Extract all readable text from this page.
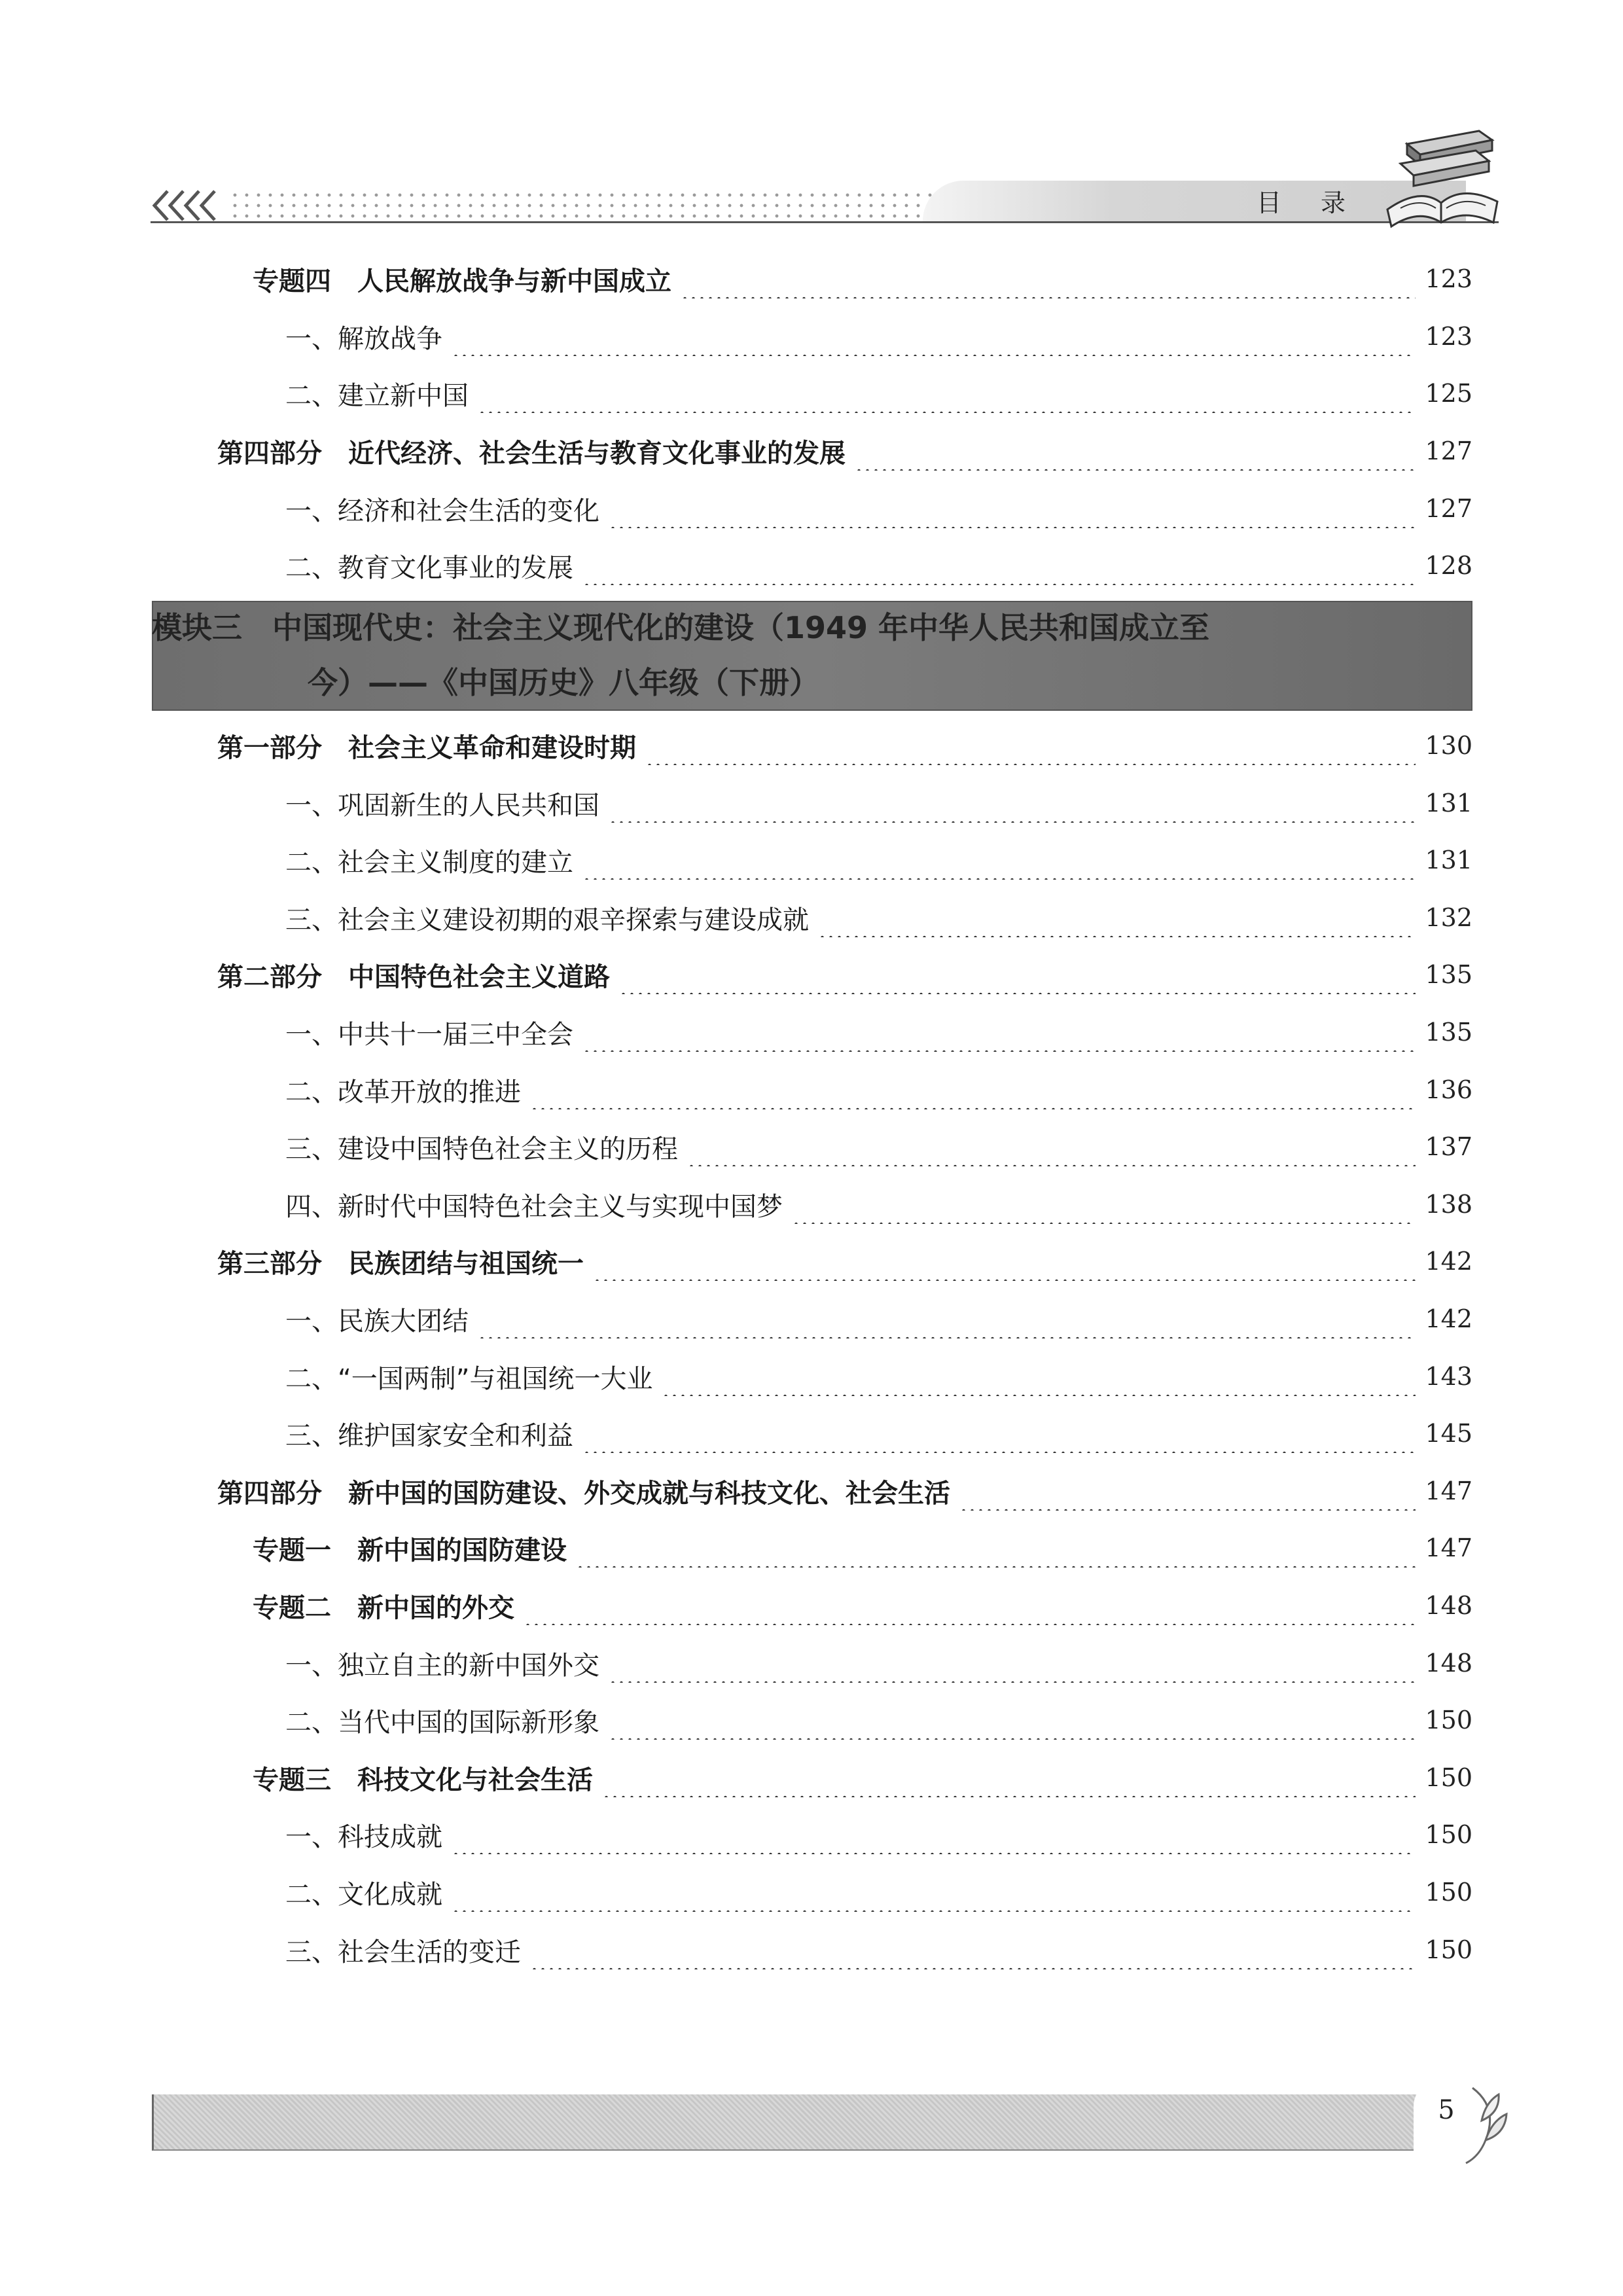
目录
专题四　人民解放战争与新中国成立	123
一、解放战争	123
二、建立新中国	125
第四部分　近代经济、社会生活与教育文化事业的发展	127
一、经济和社会生活的变化	127
二、教育文化事业的发展	128
模块三　中国现代史：社会主义现代化的建设（1949 年中华人民共和国成立至
今）——《中国历史》八年级（下册）
第一部分　社会主义革命和建设时期	130
一、巩固新生的人民共和国	131
二、社会主义制度的建立	131
三、社会主义建设初期的艰辛探索与建设成就	132
第二部分　中国特色社会主义道路	135
一、中共十一届三中全会	135
二、改革开放的推进	136
三、建设中国特色社会主义的历程	137
四、新时代中国特色社会主义与实现中国梦	138
第三部分　民族团结与祖国统一	142
一、民族大团结	142
二、“一国两制”与祖国统一大业	143
三、维护国家安全和利益	145
第四部分　新中国的国防建设、外交成就与科技文化、社会生活	147
专题一　新中国的国防建设	147
专题二　新中国的外交	148
一、独立自主的新中国外交	148
二、当代中国的国际新形象	150
专题三　科技文化与社会生活	150
一、科技成就	150
二、文化成就	150
三、社会生活的变迁	150
5
